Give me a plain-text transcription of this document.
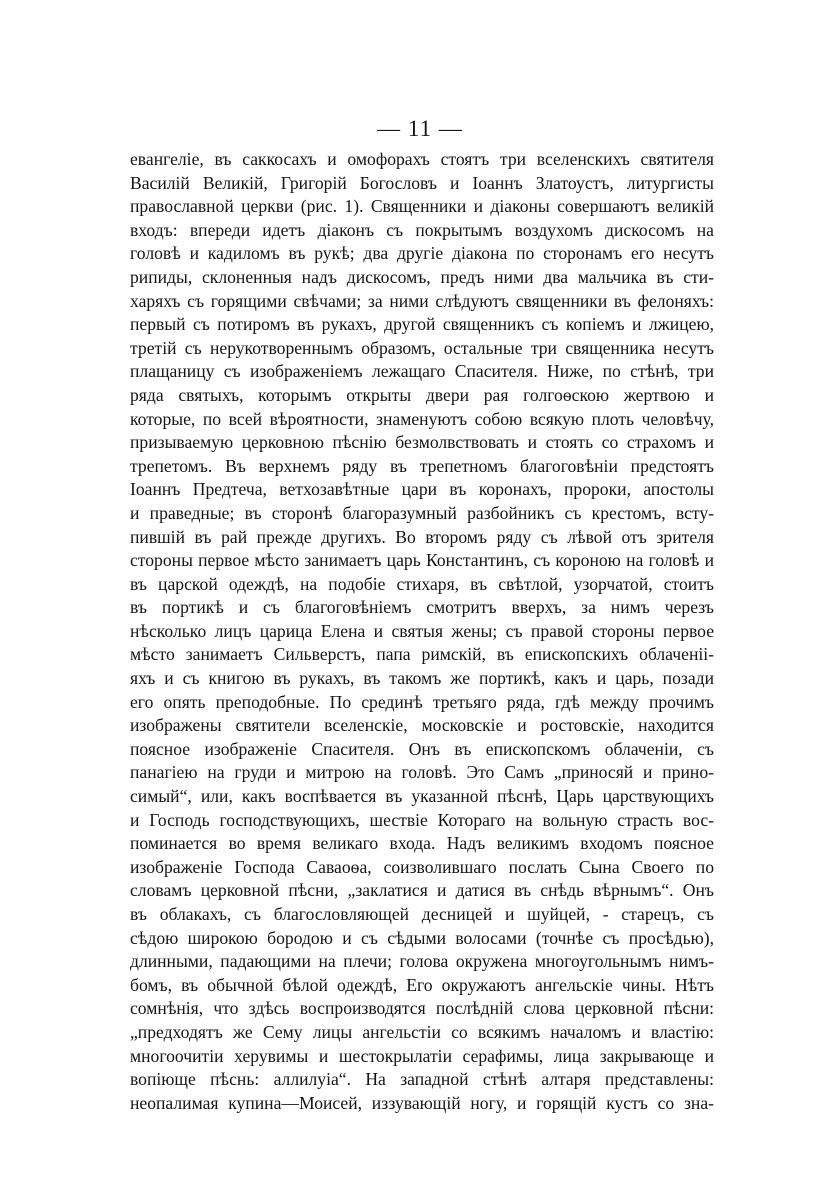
— 11 —
евангеліе, въ саккосахъ и омофорахъ стоятъ три вселенскихъ святителя
Василій Великій, Григорій Богословъ и Іоаннъ Златоустъ, литургисты
православной церкви (рис. 1). Священники и діаконы совершаютъ великій
входъ: впереди идетъ діаконъ съ покрытымъ воздухомъ дискосомъ на
головѣ и кадиломъ въ рукѣ; два другіе діакона по сторонамъ его несутъ
рипиды, склоненныя надъ дискосомъ, предъ ними два мальчика въ сти-
харяхъ съ горящими свѣчами; за ними слѣдуютъ священники въ фелоняхъ:
первый съ потиромъ въ рукахъ, другой священникъ съ копіемъ и лжицею,
третій съ нерукотвореннымъ образомъ, остальные три священника несутъ
плащаницу съ изображеніемъ лежащаго Спасителя. Ниже, по стѣнѣ, три
ряда святыхъ, которымъ открыты двери рая голгоѳскою жертвою и
которые, по всей вѣроятности, знаменуютъ собою всякую плоть человѣчу,
призываемую церковною пѣснію безмолвствовать и стоять со страхомъ и
трепетомъ. Въ верхнемъ ряду въ трепетномъ благоговѣніи предстоятъ
Іоаннъ Предтеча, ветхозавѣтные цари въ коронахъ, пророки, апостолы
и праведные; въ сторонѣ благоразумный разбойникъ съ крестомъ, всту-
пившій въ рай прежде другихъ. Во второмъ ряду съ лѣвой отъ зрителя
стороны первое мѣсто занимаетъ царь Константинъ, съ короною на головѣ и
въ царской одеждѣ, на подобіе стихаря, въ свѣтлой, узорчатой, стоитъ
въ портикѣ и съ благоговѣніемъ смотритъ вверхъ, за нимъ черезъ
нѣсколько лицъ царица Елена и святыя жены; съ правой стороны первое
мѣсто занимаетъ Сильверстъ, папа римскій, въ епископскихъ облаченіі-
яхъ и съ книгою въ рукахъ, въ такомъ же портикѣ, какъ и царь, позади
его опять преподобные. По срединѣ третьяго ряда, гдѣ между прочимъ
изображены святители вселенскіе, московскіе и ростовскіе, находится
поясное изображеніе Спасителя. Онъ въ епископскомъ облаченіи, съ
панагіею на груди и митрою на головѣ. Это Самъ „приносяй и прино-
симый“, или, какъ воспѣвается въ указанной пѣснѣ, Царь царствующихъ
и Господь господствующихъ, шествіе Котораго на вольную страсть вос-
поминается во время великаго входа. Надъ великимъ входомъ поясное
изображеніе Господа Саваоѳа, соизволившаго послать Сына Своего по
словамъ церковной пѣсни, „заклатися и датися въ снѣдь вѣрнымъ“. Онъ
въ облакахъ, съ благословляющей десницей и шуйцей, - старецъ, съ
сѣдою широкою бородою и съ сѣдыми волосами (точнѣе съ просѣдью),
длинными, падающими на плечи; голова окружена многоугольнымъ нимъ-
бомъ, въ обычной бѣлой одеждѣ, Его окружаютъ ангельскіе чины. Нѣтъ
сомнѣнія, что здѣсь воспроизводятся послѣдній слова церковной пѣсни:
„предходятъ же Сему лицы ангельстіи со всякимъ началомъ и властію:
многоочитіи херувимы и шестокрылатіи серафимы, лица закрывающе и
вопіюще пѣснь: аллилуіа“. На западной стѣнѣ алтаря представлены:
неопалимая купина—Моисей, иззувающій ногу, и горящій кустъ со зна-
